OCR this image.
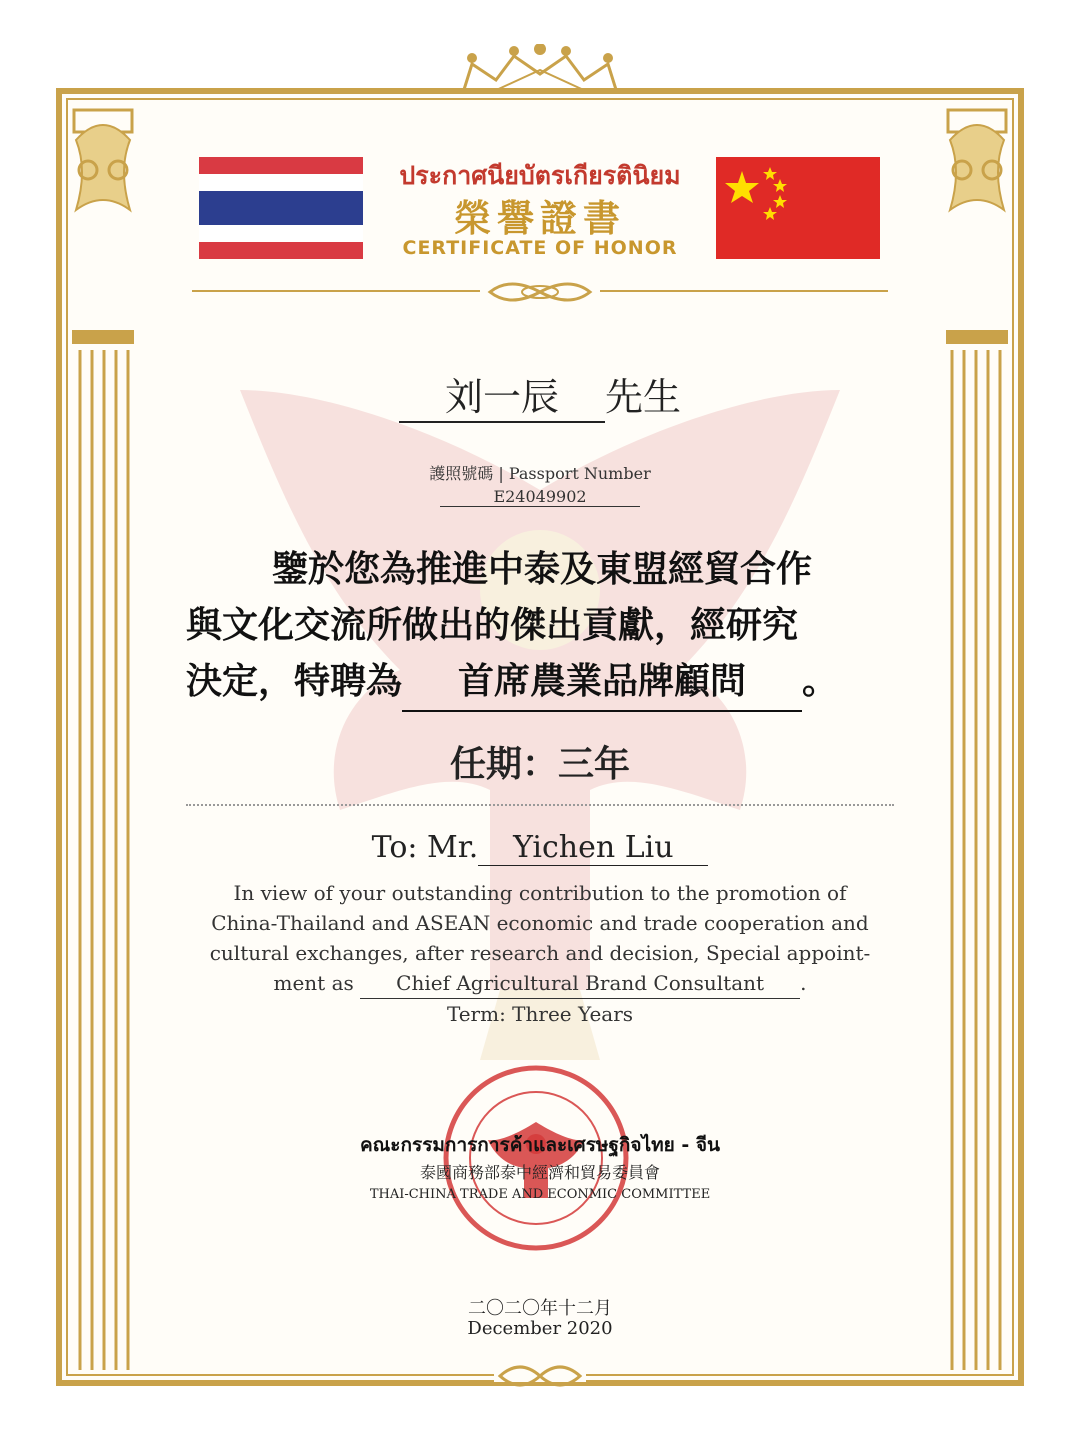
ประกาศนียบัตรเกียรตินิยม
榮譽證書
CERTIFICATE OF HONOR
刘一辰 先生
護照號碼 | Passport Number
E24049902

鑒於您為推進中泰及東盟經貿合作

與文化交流所做出的傑出貢獻，經研究

決定，特聘為 首席農業品牌顧問 。

任期：三年
To: Mr. Yichen Liu

In view of your outstanding contribution to the promotion of

China-Thailand and ASEAN economic and trade cooperation and

cultural exchanges, after research and decision, Special appoint-

ment as Chief Agricultural Brand Consultant .

Term: Three Years

คณะกรรมการการค้าและเศรษฐกิจไทย - จีน
泰國商務部泰中經濟和貿易委員會
THAI-CHINA TRADE AND ECONMIC COMMITTEE
二〇二〇年十二月
December 2020
